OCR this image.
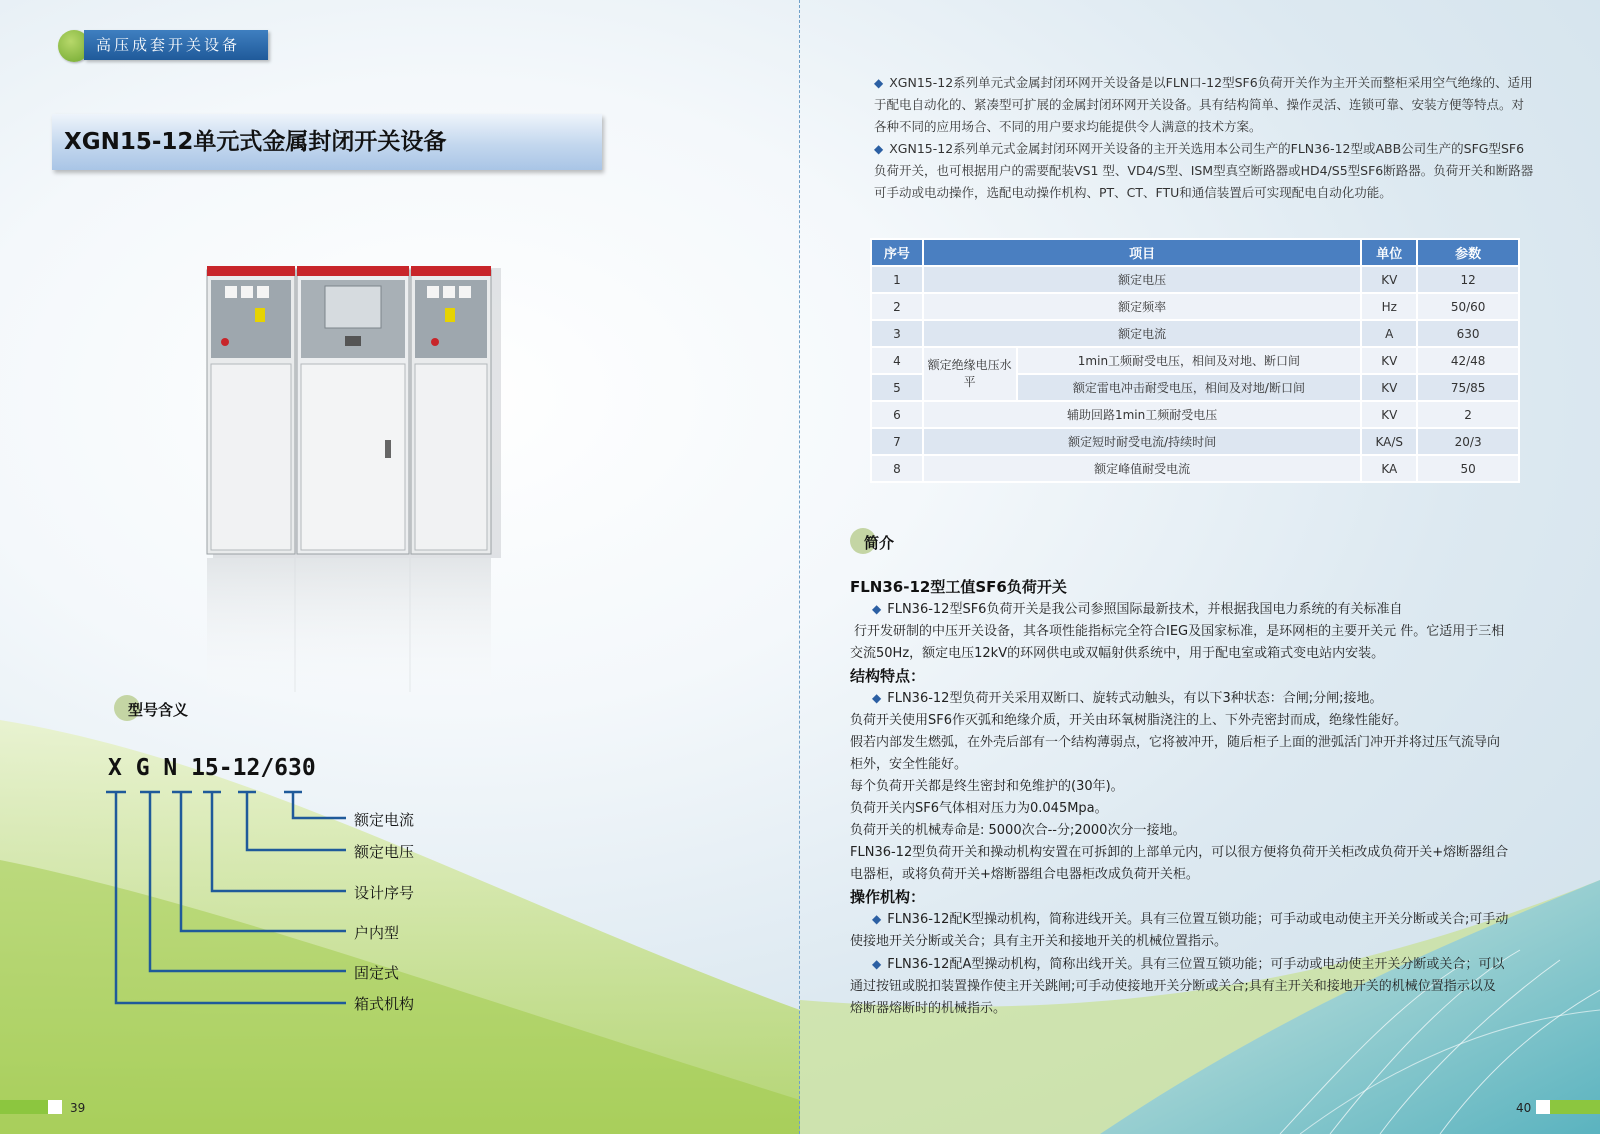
高压成套开关设备
XGN15-12单元式金属封闭开关设备
型号含义
X G N 15-12/630
额定电流
额定电压
设计序号
户内型
固定式
箱式机构
39
◆ XGN15-12系列单元式金属封闭环网开关设备是以FLN口-12型SF6负荷开关作为主开关而整柜采用空气绝缘的、适用于配电自动化的、紧凑型可扩展的金属封闭环网开关设备。具有结构简单、操作灵活、连锁可靠、安装方便等特点。对各种不同的应用场合、不同的用户要求均能提供令人满意的技术方案。
◆ XGN15-12系列单元式金属封闭环网开关设备的主开关选用本公司生产的FLN36-12型或ABB公司生产的SFG型SF6负荷开关，也可根据用户的需要配装VS1 型、VD4/S型、ISM型真空断路器或HD4/S5型SF6断路器。负荷开关和断路器可手动或电动操作，选配电动操作机构、PT、CT、FTU和通信装置后可实现配电自动化功能。
序号	项目		单位	参数
1	额定电压		KV	12
2	额定频率		Hz	50/60
3	额定电流		A	630
4	额定绝缘电压水平	1min工频耐受电压，相间及对地、断口间	KV	42/48
5		额定雷电冲击耐受电压，相间及对地/断口间	KV	75/85
6	辅助回路1min工频耐受电压		KV	2
7	额定短时耐受电流/持续时间		KA/S	20/3
8	额定峰值耐受电流		KA	50
简介

FLN36-12型工值SF6负荷开关

◆ FLN36-12型SF6负荷开关是我公司参照国际最新技术，并根据我国电力系统的有关标准自

行开发研制的中压开关设备，其各项性能指标完全符合IEG及国家标准，是环网柜的主要开关元 件。它适用于三相

交流50Hz，额定电压12kV的环网供电或双幅射供系统中，用于配电室或箱式变电站内安装。

结构特点：

◆ FLN36-12型负荷开关采用双断口、旋转式动触头，有以下3种状态：合闸;分闸;接地。

负荷开关使用SF6作灭弧和绝缘介质，开关由环氧树脂浇注的上、下外壳密封而成，绝缘性能好。

假若内部发生燃弧，在外壳后部有一个结构薄弱点，它将被冲开，随后柜子上面的泄弧活门冲开并将过压气流导向

柜外，安全性能好。

每个负荷开关都是终生密封和免维护的(30年)。

负荷开关内SF6气体相对压力为0.045Mpa。

负荷开关的机械寿命是: 5000次合--分;2000次分一接地。

FLN36-12型负荷开关和操动机构安置在可拆卸的上部单元内，可以很方便将负荷开关柜改成负荷开关+熔断器组合

电器柜，或将负荷开关+熔断器组合电器柜改成负荷开关柜。

操作机构：

◆ FLN36-12配K型操动机构，简称进线开关。具有三位置互锁功能；可手动或电动使主开关分断或关合;可手动

使接地开关分断或关合；具有主开关和接地开关的机械位置指示。

◆ FLN36-12配A型操动机构，简称出线开关。具有三位置互锁功能；可手动或电动使主开关分断或关合；可以

通过按钮或脱扣装置操作使主开关跳闸;可手动使接地开关分断或关合;具有主开关和接地开关的机械位置指示以及

熔断器熔断时的机械指示。

40
